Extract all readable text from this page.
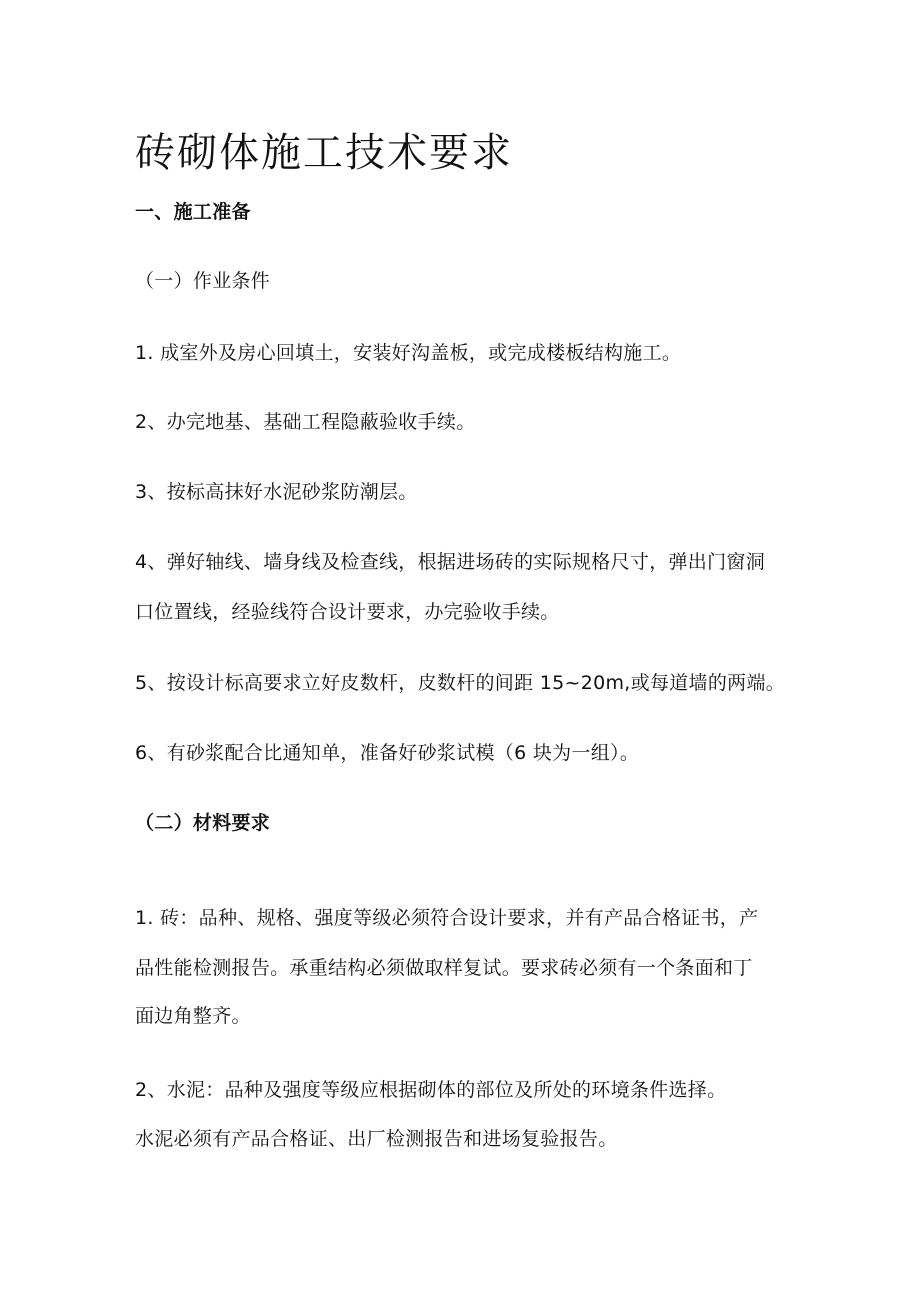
砖砌体施工技术要求
一、施工准备
（一）作业条件
1. 成室外及房心回填土，安装好沟盖板，或完成楼板结构施工。
2、办完地基、基础工程隐蔽验收手续。
3、按标高抹好水泥砂浆防潮层。
4、弹好轴线、墙身线及检查线，根据进场砖的实际规格尺寸，弹出门窗洞
口位置线，经验线符合设计要求，办完验收手续。
5、按设计标高要求立好皮数杆，皮数杆的间距 15~20m,或每道墙的两端。
6、有砂浆配合比通知单，准备好砂浆试模（6 块为一组）。
（二）材料要求
1. 砖：品种、规格、强度等级必须符合设计要求，并有产品合格证书，产
品性能检测报告。承重结构必须做取样复试。要求砖必须有一个条面和丁
面边角整齐。
2、水泥：品种及强度等级应根据砌体的部位及所处的环境条件选择。
水泥必须有产品合格证、出厂检测报告和进场复验报告。
